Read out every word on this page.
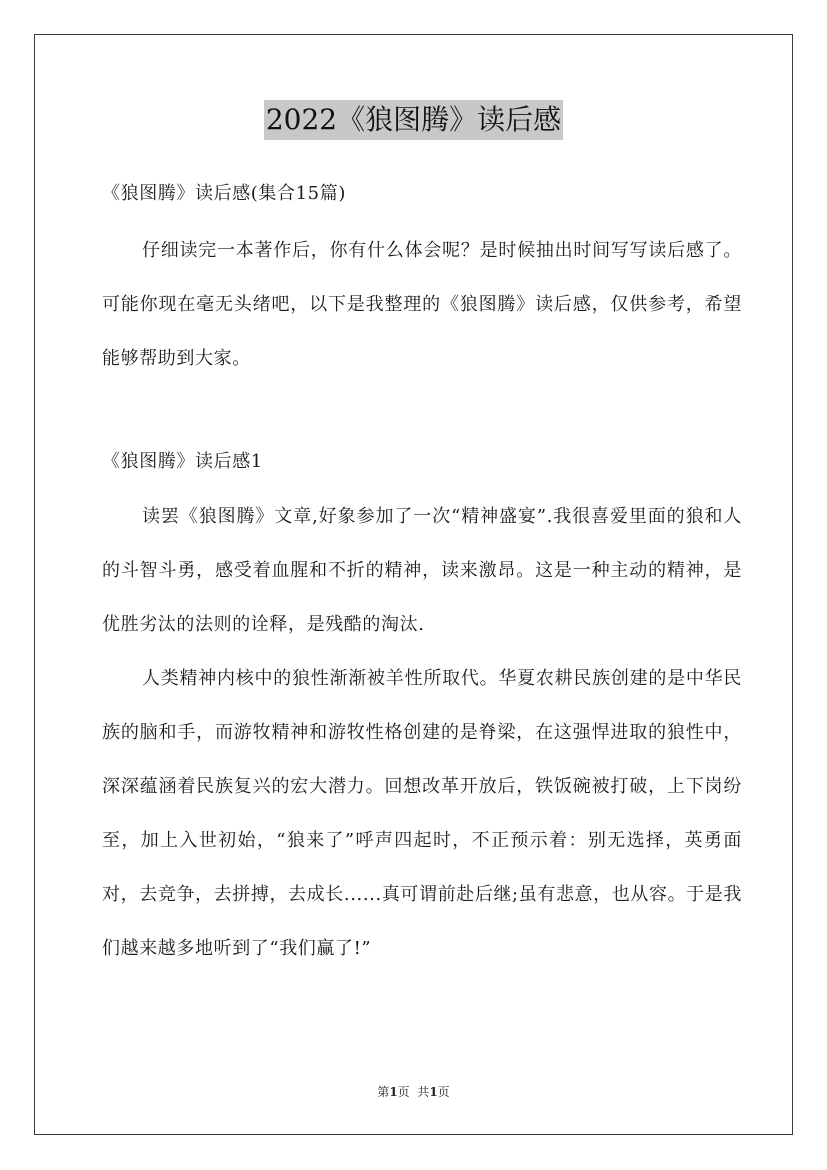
2022《狼图腾》读后感
《狼图腾》读后感(集合15篇)

仔细读完一本著作后，你有什么体会呢？是时候抽出时间写写读后感了。可能你现在毫无头绪吧，以下是我整理的《狼图腾》读后感，仅供参考，希望能够帮助到大家。

《狼图腾》读后感1

读罢《狼图腾》文章,好象参加了一次“精神盛宴”.我很喜爱里面的狼和人的斗智斗勇，感受着血腥和不折的精神，读来激昂。这是一种主动的精神，是优胜劣汰的法则的诠释，是残酷的淘汰.

人类精神内核中的狼性渐渐被羊性所取代。华夏农耕民族创建的是中华民族的脑和手，而游牧精神和游牧性格创建的是脊梁，在这强悍进取的狼性中，深深蕴涵着民族复兴的宏大潜力。回想改革开放后，铁饭碗被打破，上下岗纷至，加上入世初始，“狼来了”呼声四起时，不正预示着：别无选择，英勇面对，去竞争，去拼搏，去成长......真可谓前赴后继;虽有悲意，也从容。于是我们越来越多地听到了“我们赢了!”

第1页  共1页
